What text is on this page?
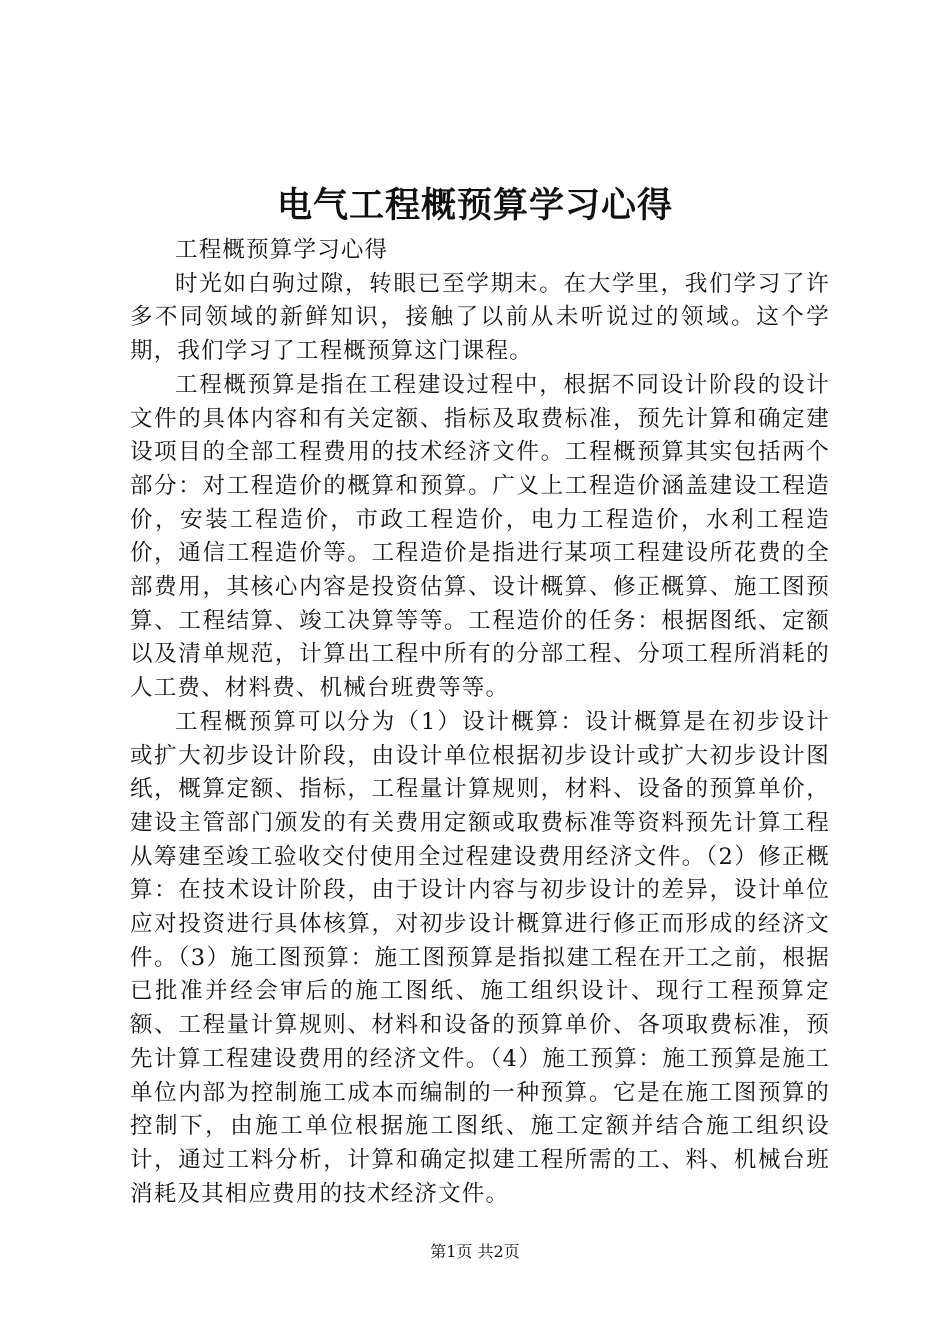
电气工程概预算学习心得

工程概预算学习心得

时光如白驹过隙，转眼已至学期末。在大学里，我们学习了许多不同领域的新鲜知识，接触了以前从未听说过的领域。这个学期，我们学习了工程概预算这门课程。

工程概预算是指在工程建设过程中，根据不同设计阶段的设计文件的具体内容和有关定额、指标及取费标准，预先计算和确定建设项目的全部工程费用的技术经济文件。工程概预算其实包括两个部分：对工程造价的概算和预算。广义上工程造价涵盖建设工程造价，安装工程造价，市政工程造价，电力工程造价，水利工程造价，通信工程造价等。工程造价是指进行某项工程建设所花费的全部费用，其核心内容是投资估算、设计概算、修正概算、施工图预算、工程结算、竣工决算等等。工程造价的任务：根据图纸、定额以及清单规范，计算出工程中所有的分部工程、分项工程所消耗的人工费、材料费、机械台班费等等。

工程概预算可以分为（1）设计概算：设计概算是在初步设计或扩大初步设计阶段，由设计单位根据初步设计或扩大初步设计图纸，概算定额、指标，工程量计算规则，材料、设备的预算单价，建设主管部门颁发的有关费用定额或取费标准等资料预先计算工程从筹建至竣工验收交付使用全过程建设费用经济文件。（2）修正概算：在技术设计阶段，由于设计内容与初步设计的差异，设计单位应对投资进行具体核算，对初步设计概算进行修正而形成的经济文件。（3）施工图预算：施工图预算是指拟建工程在开工之前，根据已批准并经会审后的施工图纸、施工组织设计、现行工程预算定额、工程量计算规则、材料和设备的预算单价、各项取费标准，预先计算工程建设费用的经济文件。（4）施工预算：施工预算是施工单位内部为控制施工成本而编制的一种预算。它是在施工图预算的控制下，由施工单位根据施工图纸、施工定额并结合施工组织设计，通过工料分析，计算和确定拟建工程所需的工、料、机械台班消耗及其相应费用的技术经济文件。

第1页 共2页
